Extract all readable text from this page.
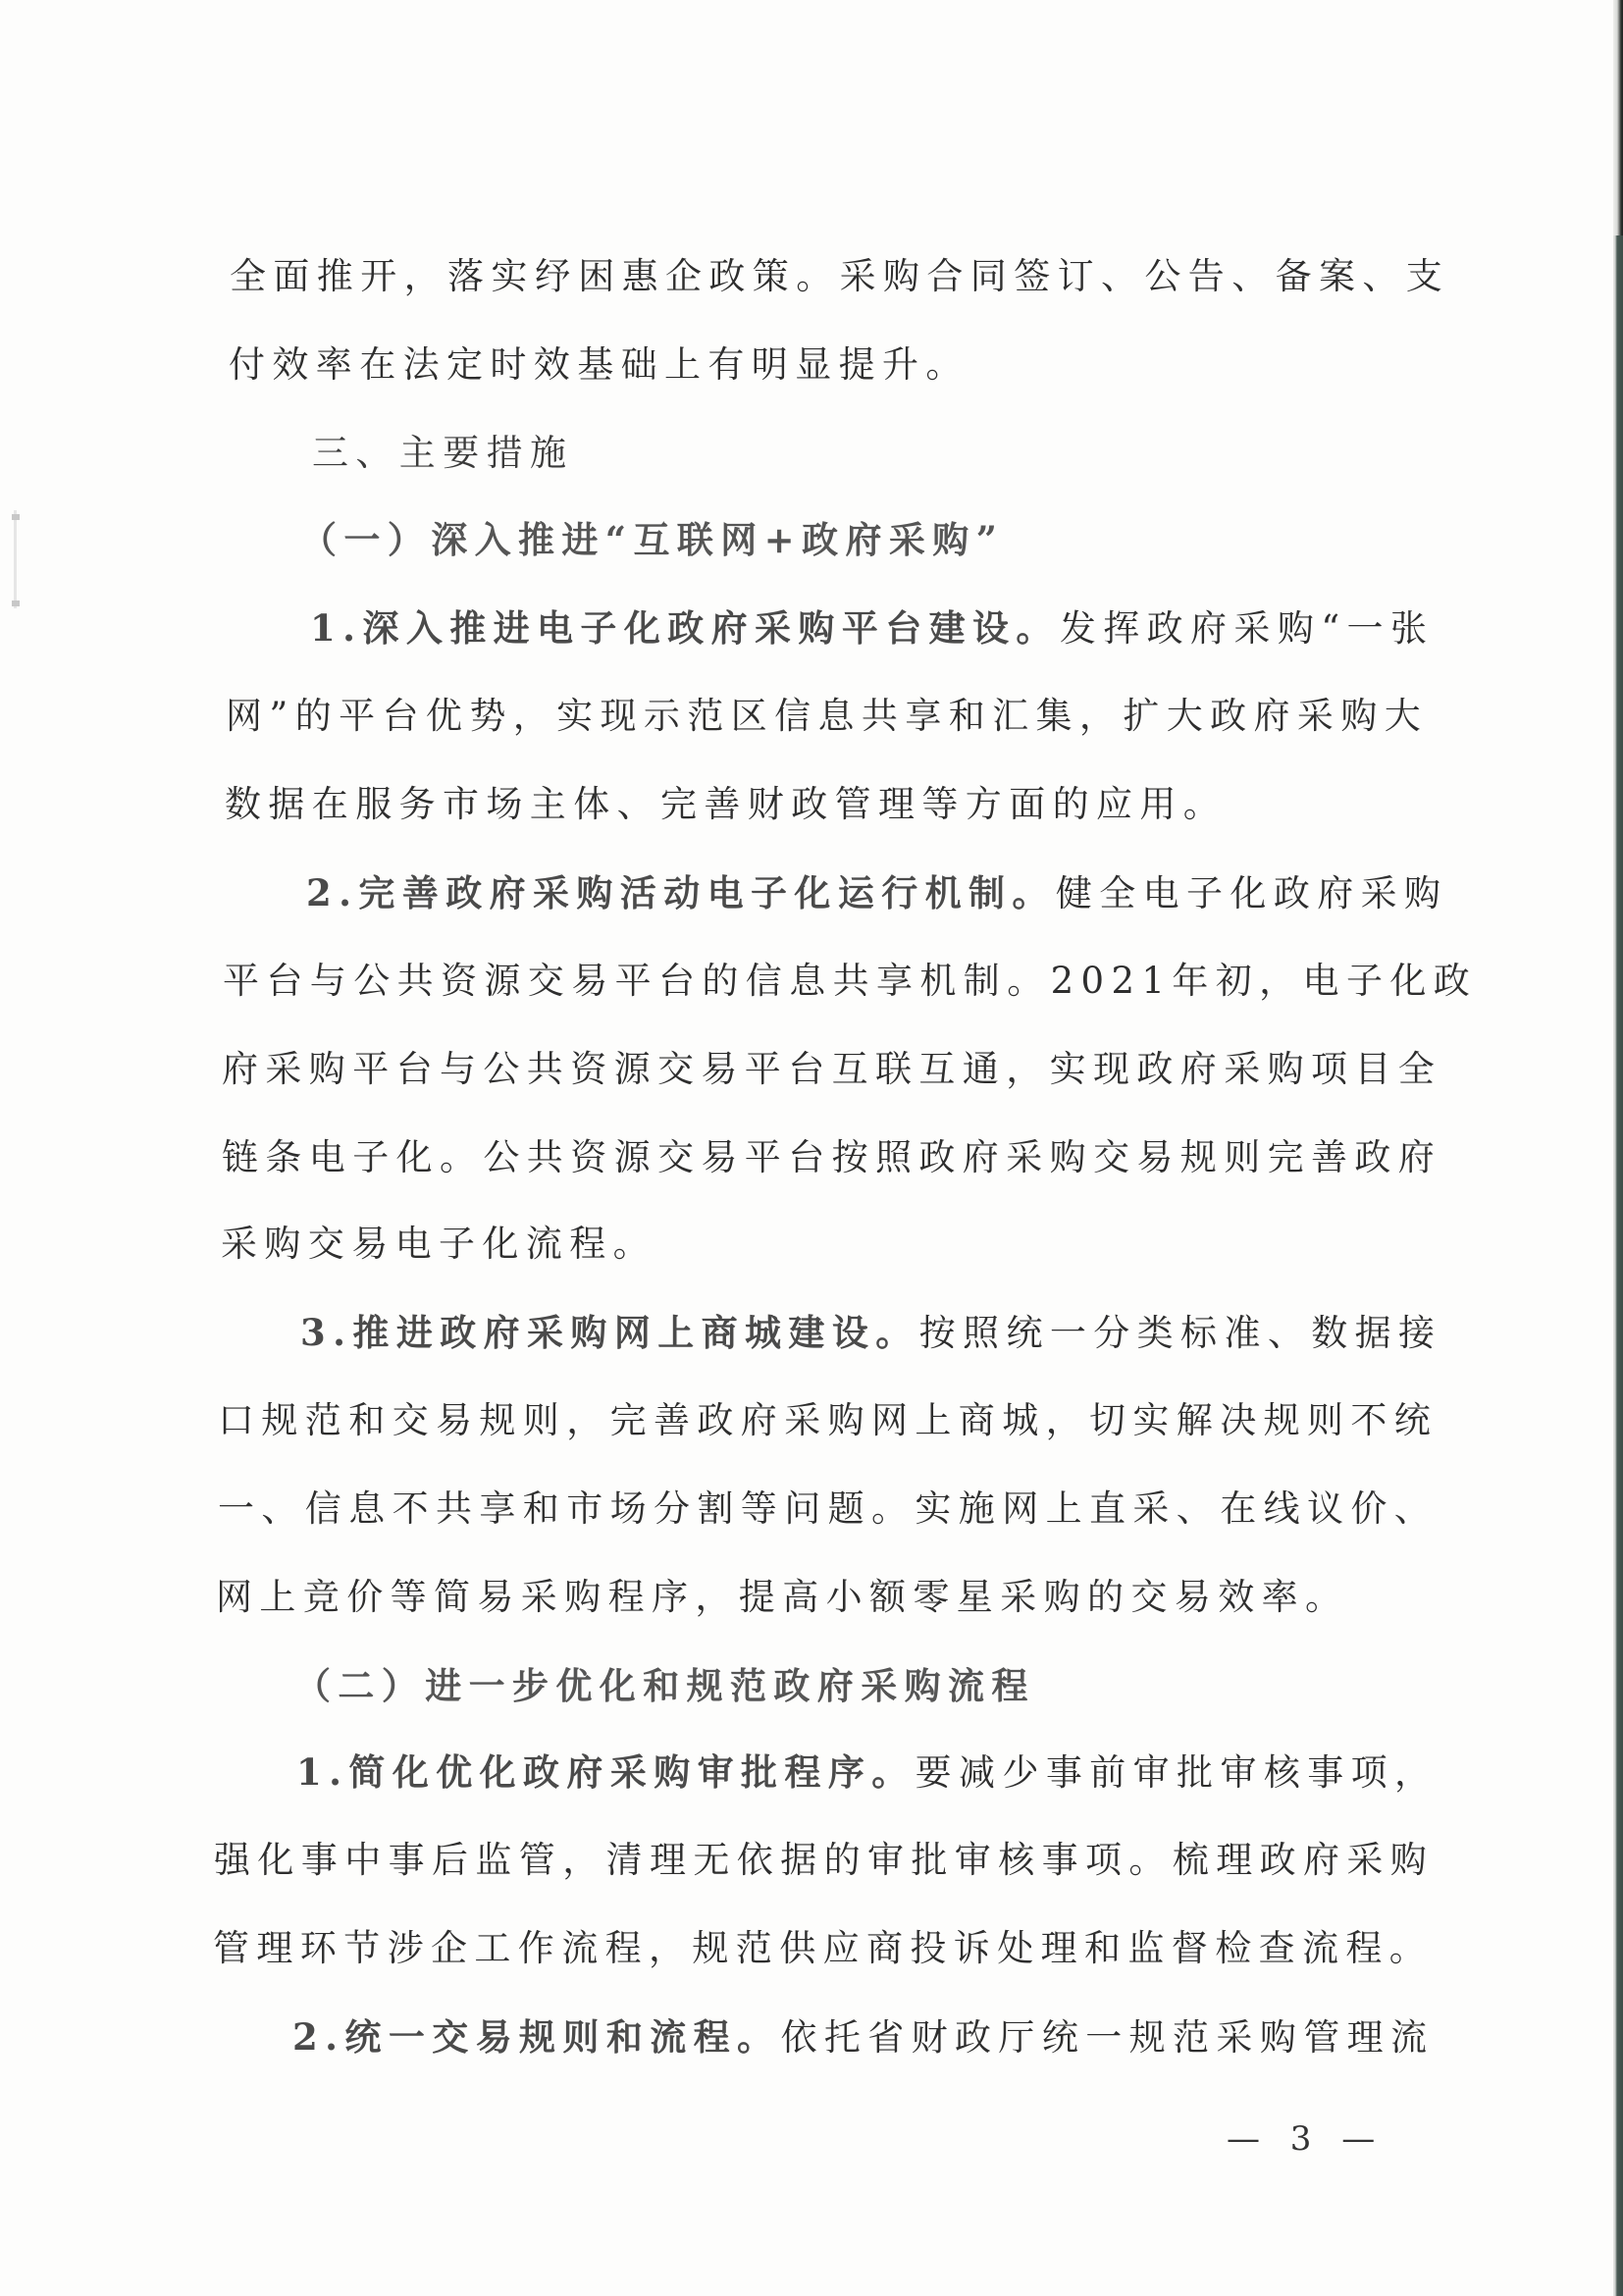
全面推开，落实纾困惠企政策。采购合同签订、公告、备案、支
付效率在法定时效基础上有明显提升。
三、主要措施
（一）深入推进“互联网+政府采购”
1.深入推进电子化政府采购平台建设。发挥政府采购“一张
网”的平台优势，实现示范区信息共享和汇集，扩大政府采购大
数据在服务市场主体、完善财政管理等方面的应用。
2.完善政府采购活动电子化运行机制。健全电子化政府采购
平台与公共资源交易平台的信息共享机制。2021年初，电子化政
府采购平台与公共资源交易平台互联互通，实现政府采购项目全
链条电子化。公共资源交易平台按照政府采购交易规则完善政府
采购交易电子化流程。
3.推进政府采购网上商城建设。按照统一分类标准、数据接
口规范和交易规则，完善政府采购网上商城，切实解决规则不统
一、信息不共享和市场分割等问题。实施网上直采、在线议价、
网上竞价等简易采购程序，提高小额零星采购的交易效率。
（二）进一步优化和规范政府采购流程
1.简化优化政府采购审批程序。要减少事前审批审核事项，
强化事中事后监管，清理无依据的审批审核事项。梳理政府采购
管理环节涉企工作流程，规范供应商投诉处理和监督检查流程。
2.统一交易规则和流程。依托省财政厅统一规范采购管理流
— 3 —
